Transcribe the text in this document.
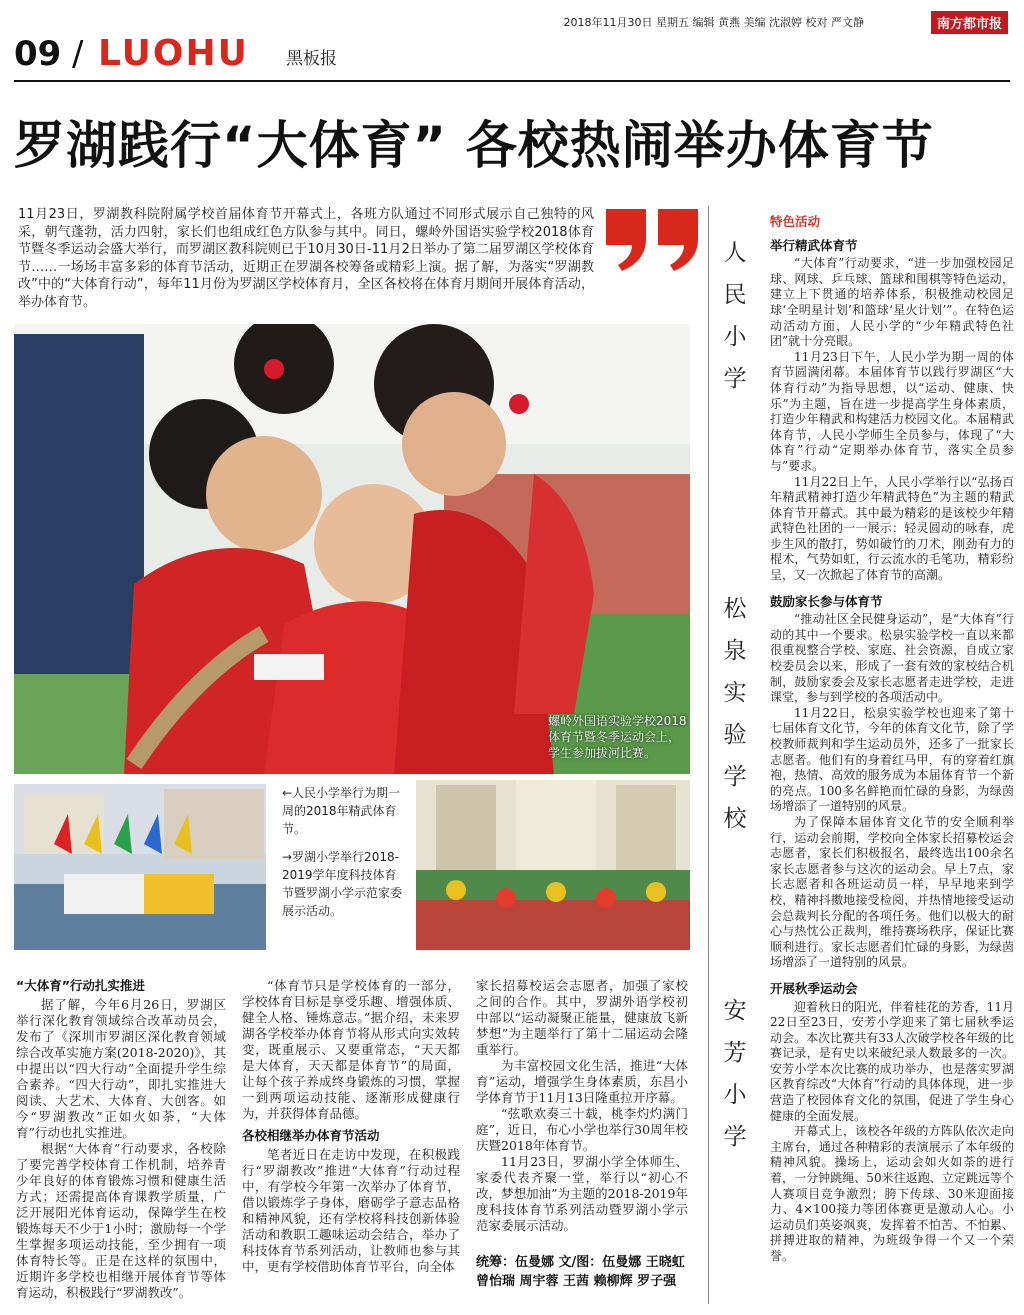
2018年11月30日 星期五 编辑 黄燕 美编 沈淑婷 校对 严文静	南方都市报
09 / LUOHU 黑板报
罗湖践行“大体育” 各校热闹举办体育节
11月23日，罗湖教科院附属学校首届体育节开幕式上，各班方队通过不同形式展示自己独特的风采，朝气蓬勃，活力四射，家长们也组成红色方队参与其中。同日，螺岭外国语实验学校2018体育节暨冬季运动会盛大举行，而罗湖区教科院则已于10月30日-11月2日举办了第二届罗湖区学校体育节……一场场丰富多彩的体育节活动，近期正在罗湖各校筹备或精彩上演。据了解，为落实“罗湖教改”中的“大体育行动”，每年11月份为罗湖区学校体育月，全区各校将在体育月期间开展体育活动，举办体育节。
螺岭外国语实验学校2018体育节暨冬季运动会上，学生参加拔河比赛。
←人民小学举行为期一周的2018年精武体育节。
→罗湖小学举行2018-2019学年度科技体育节暨罗湖小学示范家委展示活动。
人
民
小
学
松
泉
实
验
学
校
安
芳
小
学
“大体育”行动扎实推进

据了解，今年6月26日，罗湖区举行深化教育领域综合改革动员会，发布了《深圳市罗湖区深化教育领域综合改革实施方案(2018-2020)》，其中提出以“四大行动”全面提升学生综合素养。“四大行动”，即扎实推进大阅读、大艺术、大体育、大创客。如今“罗湖教改”正如火如荼，“大体育”行动也扎实推进。

根据“大体育”行动要求，各校除了要完善学校体育工作机制，培养青少年良好的体育锻炼习惯和健康生活方式；还需提高体育课教学质量，广泛开展阳光体育运动，保障学生在校锻炼每天不少于1小时；激励每一个学生掌握多项运动技能，至少拥有一项体育特长等。正是在这样的氛围中，近期许多学校也相继开展体育节等体育运动，积极践行“罗湖教改”。

“体育节只是学校体育的一部分，学校体育目标是享受乐趣、增强体质、健全人格、锤炼意志。”据介绍，未来罗湖各学校举办体育节将从形式向实效转变，既重展示、又要重常态，“天天都是大体育，天天都是体育节”的局面，让每个孩子养成终身锻炼的习惯，掌握一到两项运动技能、逐渐形成健康行为，并获得体育品德。

各校相继举办体育节活动

笔者近日在走访中发现，在积极践行“罗湖教改”推进“大体育”行动过程中，有学校今年第一次举办了体育节，借以锻炼学子身体，磨砺学子意志品格和精神风貌，还有学校将科技创新体验活动和教职工趣味运动会结合，举办了科技体育节系列活动，让教师也参与其中，更有学校借助体育节平台，向全体

家长招募校运会志愿者，加强了家校之间的合作。其中，罗湖外语学校初中部以“运动凝聚正能量，健康放飞新梦想”为主题举行了第十二届运动会隆重举行。

为丰富校园文化生活，推进“大体育”运动，增强学生身体素质，东昌小学体育节于11月13日隆重拉开序幕。

“弦歌欢奏三十载，桃李灼灼满门庭”，近日，布心小学也举行30周年校庆暨2018年体育节。

11月23日，罗湖小学全体师生、家委代表齐聚一堂，举行以“初心不改，梦想加油”为主题的2018-2019年度科技体育节系列活动暨罗湖小学示范家委展示活动。

统筹：伍曼娜 文/图：伍曼娜 王晓虹
曾怡瑞 周宇蓉 王茜 赖柳辉 罗子强
特色活动
举行精武体育节

“大体育”行动要求，“进一步加强校园足球、网球、乒乓球、篮球和围棋等特色运动，建立上下贯通的培养体系，积极推动校园足球‘全明星计划’和篮球‘星火计划’”。在特色运动活动方面，人民小学的“少年精武特色社团”就十分亮眼。

11月23日下午，人民小学为期一周的体育节圆满闭幕。本届体育节以践行罗湖区“大体育行动”为指导思想，以“运动、健康、快乐”为主题，旨在进一步提高学生身体素质，打造少年精武和构建活力校园文化。本届精武体育节，人民小学师生全员参与，体现了“大体育”行动“定期举办体育节，落实全员参与”要求。

11月22日上午，人民小学举行以“弘扬百年精武精神打造少年精武特色”为主题的精武体育节开幕式。其中最为精彩的是该校少年精武特色社团的一一展示：轻灵圆动的咏春，虎步生风的散打，势如破竹的刀术，刚劲有力的棍术，气势如虹，行云流水的毛笔功，精彩纷呈，又一次掀起了体育节的高潮。

鼓励家长参与体育节

“推动社区全民健身运动”，是“大体育”行动的其中一个要求。松泉实验学校一直以来都很重视整合学校、家庭、社会资源，自成立家校委员会以来，形成了一套有效的家校结合机制，鼓励家委会及家长志愿者走进学校，走进课堂，参与到学校的各项活动中。

11月22日，松泉实验学校也迎来了第十七届体育文化节，今年的体育文化节，除了学校教师裁判和学生运动员外，还多了一批家长志愿者。他们有的身着红马甲，有的穿着红旗袍，热情、高效的服务成为本届体育节一个新的亮点。100多名鲜艳而忙碌的身影，为绿茵场增添了一道特别的风景。

为了保障本届体育文化节的安全顺利举行，运动会前期，学校向全体家长招募校运会志愿者，家长们积极报名，最终选出100余名家长志愿者参与这次的运动会。早上7点，家长志愿者和各班运动员一样，早早地来到学校，精神抖擞地接受检阅，并热情地接受运动会总裁判长分配的各项任务。他们以极大的耐心与热忱公正裁判，维持赛场秩序，保证比赛顺利进行。家长志愿者们忙碌的身影，为绿茵场增添了一道特别的风景。

开展秋季运动会

迎着秋日的阳光，伴着桂花的芳香，11月22日至23日，安芳小学迎来了第七届秋季运动会。本次比赛共有33人次破学校各年级的比赛记录，是有史以来破纪录人数最多的一次。安芳小学本次比赛的成功举办，也是落实罗湖区教育综改“大体育”行动的具体体现，进一步营造了校园体育文化的氛围，促进了学生身心健康的全面发展。

开幕式上，该校各年级的方阵队依次走向主席台，通过各种精彩的表演展示了本年级的精神风貌。操场上，运动会如火如荼的进行着，一分钟跳绳、50米往返跑、立定跳远等个人赛项目竞争激烈；胯下传球、30米迎面接力、4×100接力等团体赛更是激动人心。小运动员们英姿飒爽，发挥着不怕苦、不怕累、拼搏进取的精神，为班级争得一个又一个荣誉。
